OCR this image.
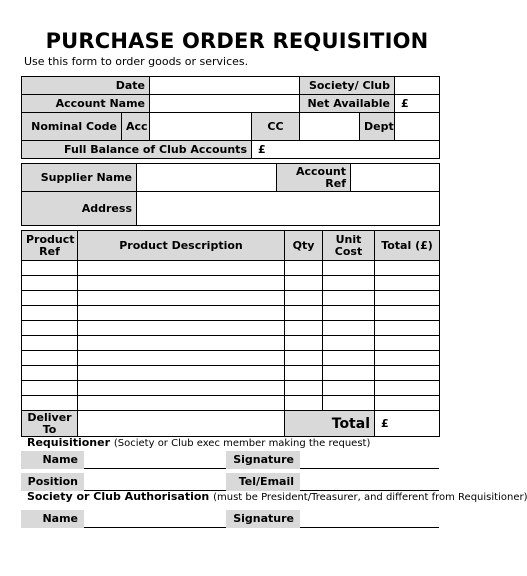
PURCHASE ORDER REQUISITION
Use this form to order goods or services.
Date				Society/ Club		
Account Name				Net Available		£
Nominal Code	Acc		CC		Dept	
Full Balance of Club Accounts			£			
Supplier Name		Account Ref	
Address			
Product Ref	Product Description	Qty	Unit Cost	Total (£)

Deliver To		Total		£
Requisitioner (Society or Club exec member making the request)
Name	Signature
Position	Tel/Email
Society or Club Authorisation (must be President/Treasurer, and different from Requisitioner)
Name	Signature
